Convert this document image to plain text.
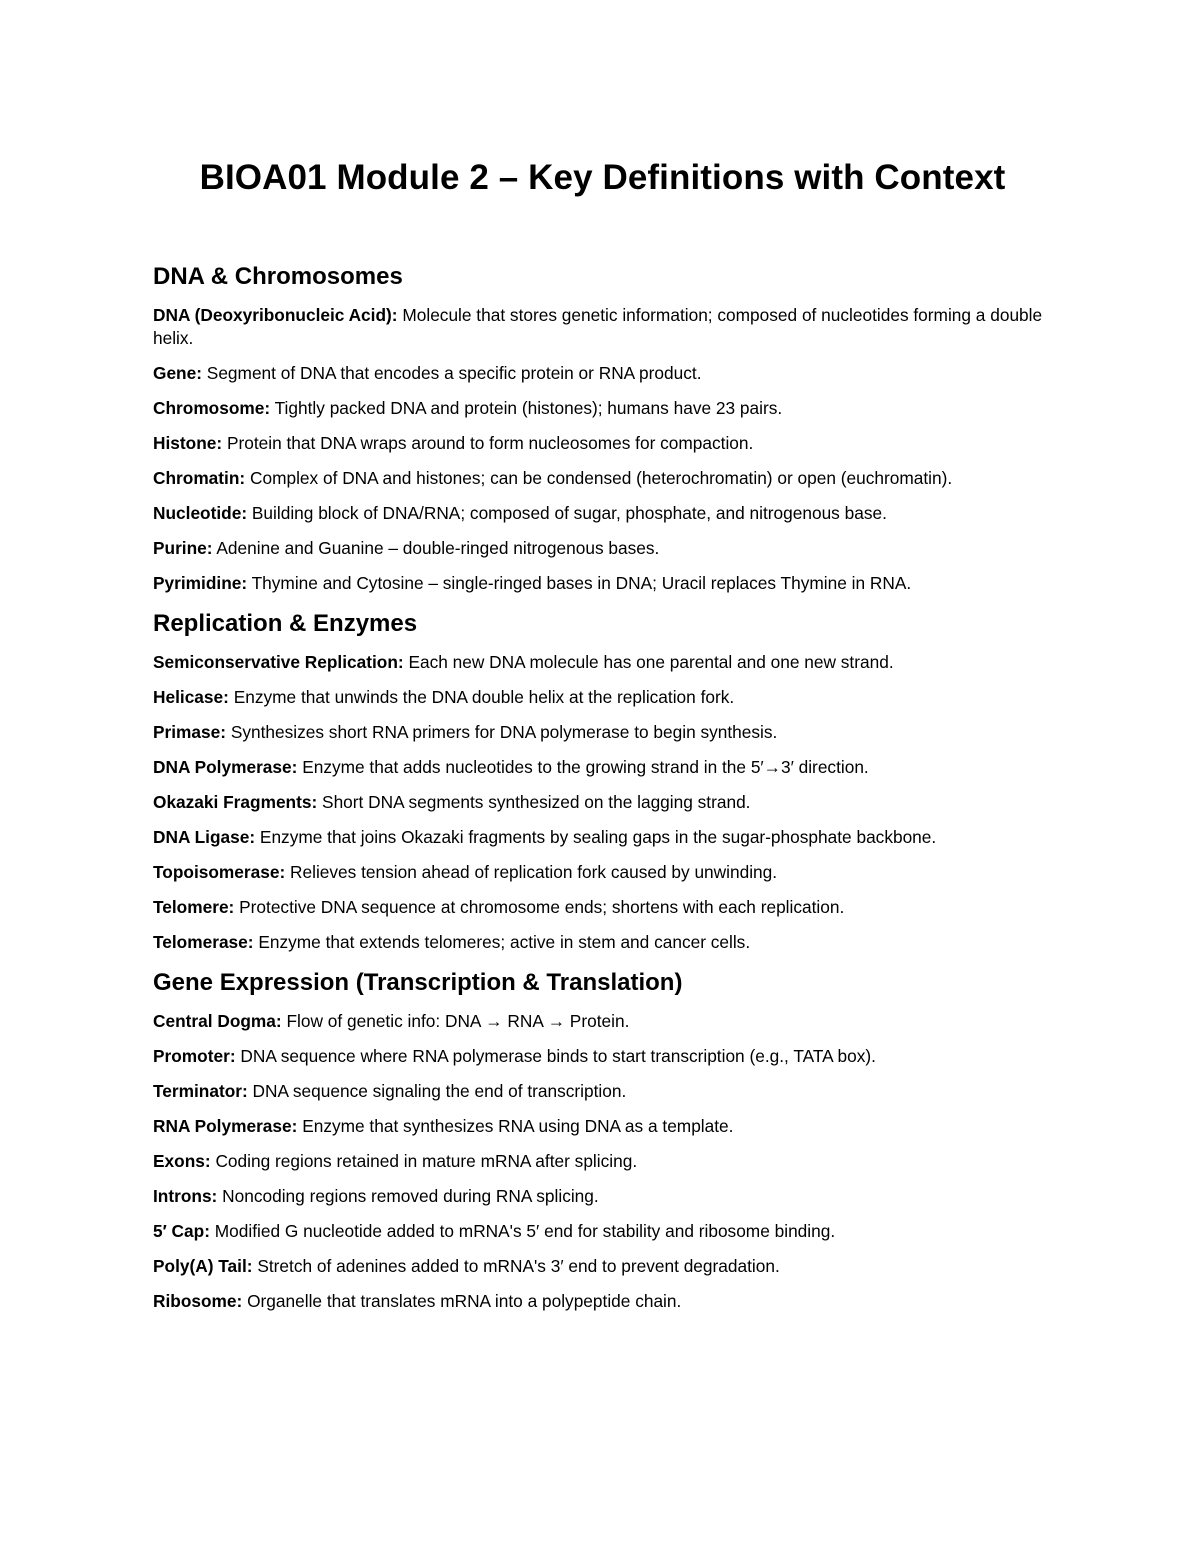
BIOA01 Module 2 – Key Definitions with Context
DNA & Chromosomes
DNA (Deoxyribonucleic Acid): Molecule that stores genetic information; composed of nucleotides forming a double helix.
Gene: Segment of DNA that encodes a specific protein or RNA product.
Chromosome: Tightly packed DNA and protein (histones); humans have 23 pairs.
Histone: Protein that DNA wraps around to form nucleosomes for compaction.
Chromatin: Complex of DNA and histones; can be condensed (heterochromatin) or open (euchromatin).
Nucleotide: Building block of DNA/RNA; composed of sugar, phosphate, and nitrogenous base.
Purine: Adenine and Guanine – double-ringed nitrogenous bases.
Pyrimidine: Thymine and Cytosine – single-ringed bases in DNA; Uracil replaces Thymine in RNA.
Replication & Enzymes
Semiconservative Replication: Each new DNA molecule has one parental and one new strand.
Helicase: Enzyme that unwinds the DNA double helix at the replication fork.
Primase: Synthesizes short RNA primers for DNA polymerase to begin synthesis.
DNA Polymerase: Enzyme that adds nucleotides to the growing strand in the 5′→3′ direction.
Okazaki Fragments: Short DNA segments synthesized on the lagging strand.
DNA Ligase: Enzyme that joins Okazaki fragments by sealing gaps in the sugar-phosphate backbone.
Topoisomerase: Relieves tension ahead of replication fork caused by unwinding.
Telomere: Protective DNA sequence at chromosome ends; shortens with each replication.
Telomerase: Enzyme that extends telomeres; active in stem and cancer cells.
Gene Expression (Transcription & Translation)
Central Dogma: Flow of genetic info: DNA → RNA → Protein.
Promoter: DNA sequence where RNA polymerase binds to start transcription (e.g., TATA box).
Terminator: DNA sequence signaling the end of transcription.
RNA Polymerase: Enzyme that synthesizes RNA using DNA as a template.
Exons: Coding regions retained in mature mRNA after splicing.
Introns: Noncoding regions removed during RNA splicing.
5′ Cap: Modified G nucleotide added to mRNA's 5′ end for stability and ribosome binding.
Poly(A) Tail: Stretch of adenines added to mRNA's 3′ end to prevent degradation.
Ribosome: Organelle that translates mRNA into a polypeptide chain.
